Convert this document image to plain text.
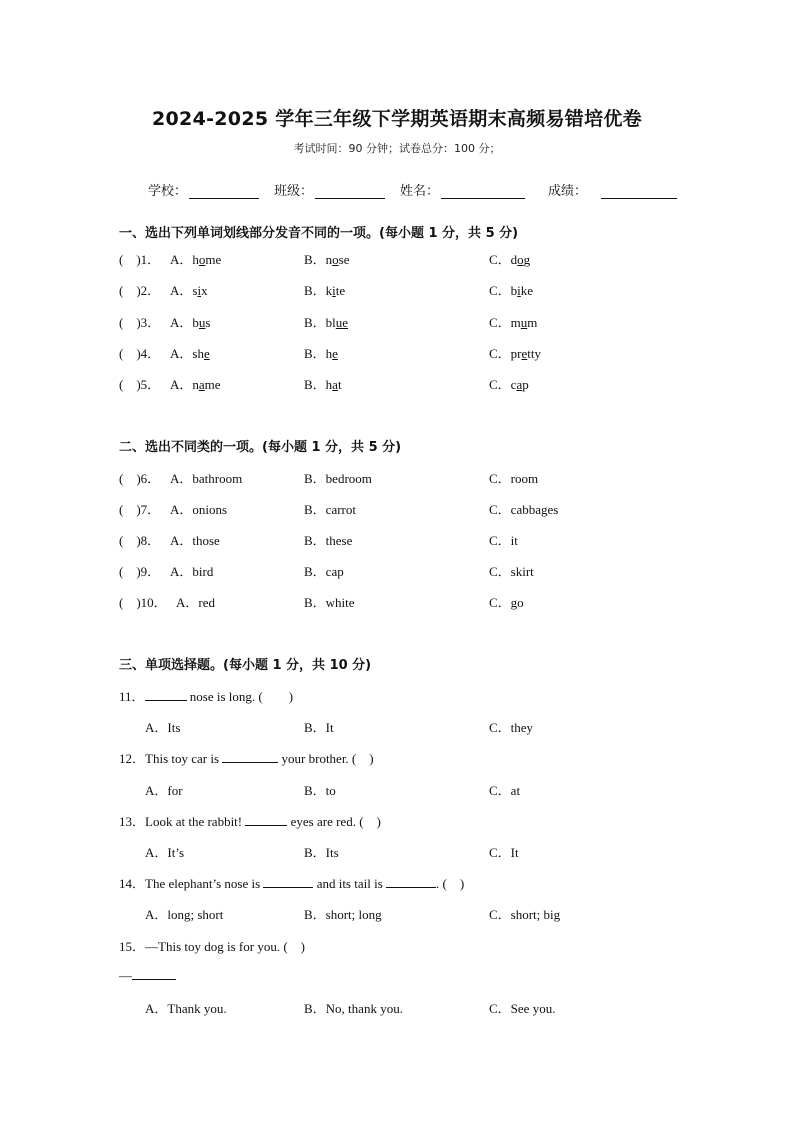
2024-2025 学年三年级下学期英语期末高频易错培优卷
考试时间：90 分钟；试卷总分：100 分；
学校：	班级：	姓名：	成绩：
一、选出下列单词划线部分发音不同的一项。(每小题 1 分，共 5 分)
(　)1． A．home	B．nose	C．dog
(　)2． A．six	B．kite	C．bike
(　)3． A．bus	B．blue	C．mum
(　)4． A．she	B．he	C．pretty
(　)5． A．name	B．hat	C．cap
二、选出不同类的一项。(每小题 1 分，共 5 分)
(　)6． A．bathroom	B．bedroom	C．room
(　)7． A．onions	B．carrot	C．cabbages
(　)8． A．those	B．these	C．it
(　)9． A．bird	B．cap	C．skirt
(　)10． A．red	B．white	C．go
三、单项选择题。(每小题 1 分，共 10 分)
11．	nose is long. (　　)
A．Its	B．It	C．they
12．This toy car is	your brother. (　)
A．for	B．to	C．at
13．Look at the rabbit!	eyes are red. (　)
A．It’s	B．Its	C．It
14．The elephant’s nose is	and its tail is	. (　)
A．long; short	B．short; long	C．short; big
15．—This toy dog is for you. (　)
—
A．Thank you.	B．No, thank you.	C．See you.
